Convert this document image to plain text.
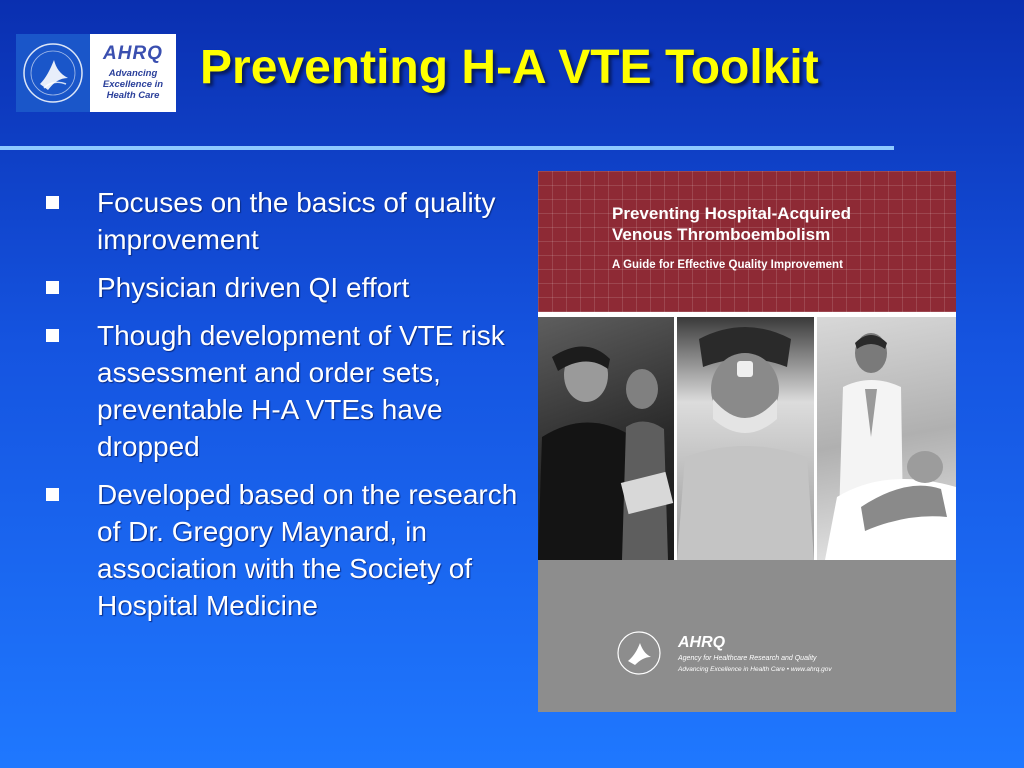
AHRQ
Advancing
Excellence in
Health Care
Preventing H-A VTE Toolkit
Focuses on the basics of quality improvement
Physician driven QI effort
Though development of VTE risk assessment and order sets, preventable H-A VTEs have dropped
Developed based on the research of Dr. Gregory Maynard, in association with the Society of Hospital Medicine
Preventing Hospital-Acquired
Venous Thromboembolism
A Guide for Effective Quality Improvement
AHRQ
Agency for Healthcare Research and Quality
Advancing Excellence in Health Care • www.ahrq.gov
